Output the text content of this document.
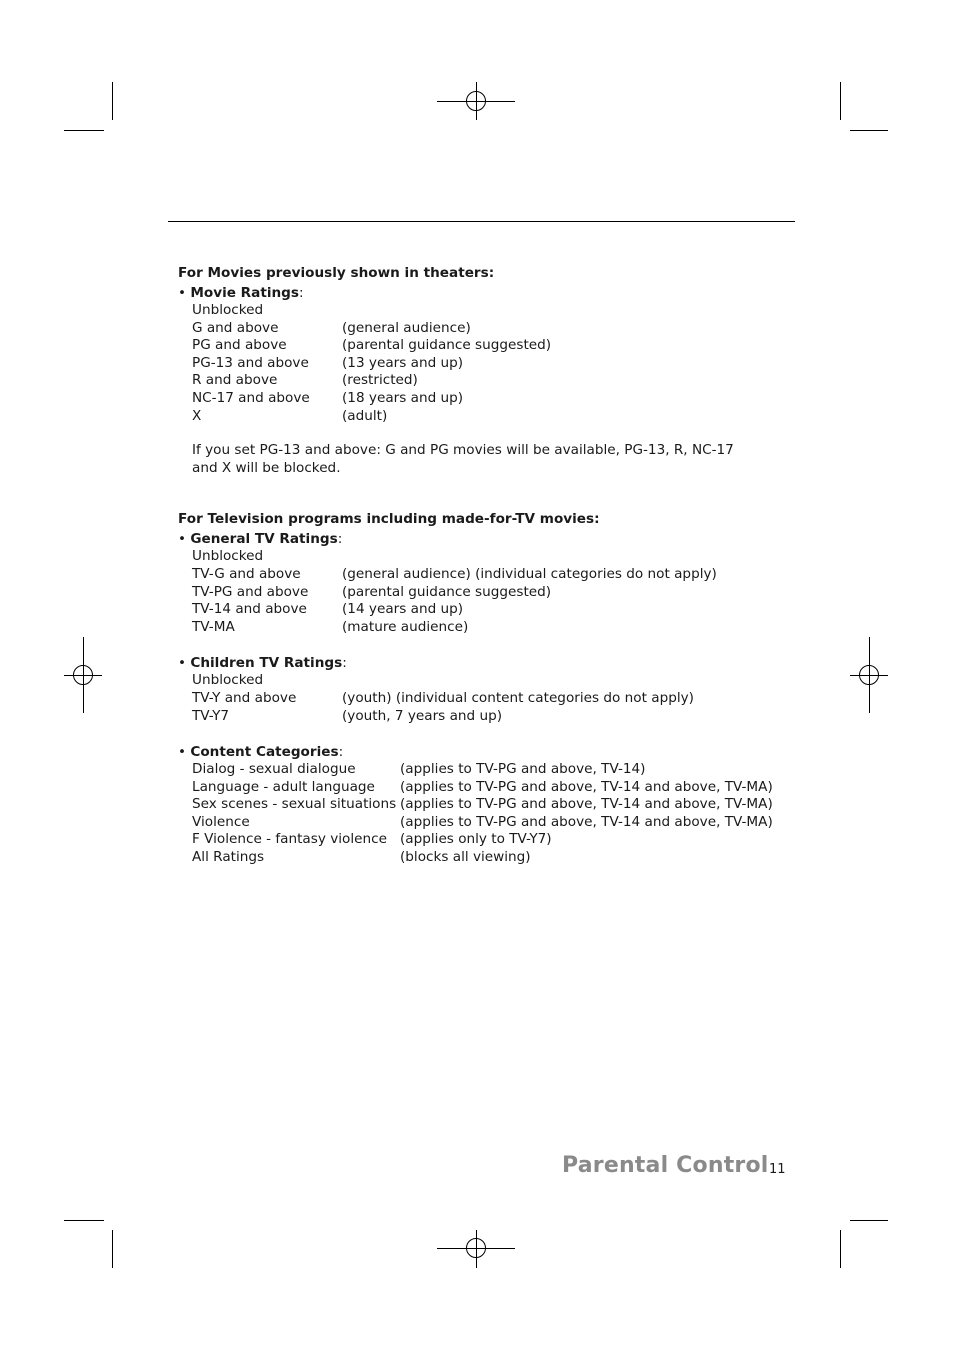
For Movies previously shown in theaters:

• Movie Ratings:

Unblocked
G and above	(general audience)
PG and above	(parental guidance suggested)
PG-13 and above	(13 years and up)
R and above	(restricted)
NC-17 and above	(18 years and up)
X	(adult)

If you set PG-13 and above: G and PG movies will be available, PG-13, R, NC-17 and X will be blocked.

For Television programs including made-for-TV movies:

• General TV Ratings:

Unblocked
TV-G and above	(general audience) (individual categories do not apply)
TV-PG and above	(parental guidance suggested)
TV-14 and above	(14 years and up)
TV-MA	(mature audience)

• Children TV Ratings:

Unblocked
TV-Y and above	(youth) (individual content categories do not apply)
TV-Y7	(youth, 7 years and up)

• Content Categories:

Dialog - sexual dialogue	(applies to TV-PG and above, TV-14)
Language - adult language	(applies to TV-PG and above, TV-14 and above, TV-MA)
Sex scenes - sexual situations (applies to TV-PG and above, TV-14 and above, TV-MA)
Violence	(applies to TV-PG and above, TV-14 and above, TV-MA)
F Violence - fantasy violence (applies only to TV-Y7)
All Ratings	(blocks all viewing)
Parental Control 11
